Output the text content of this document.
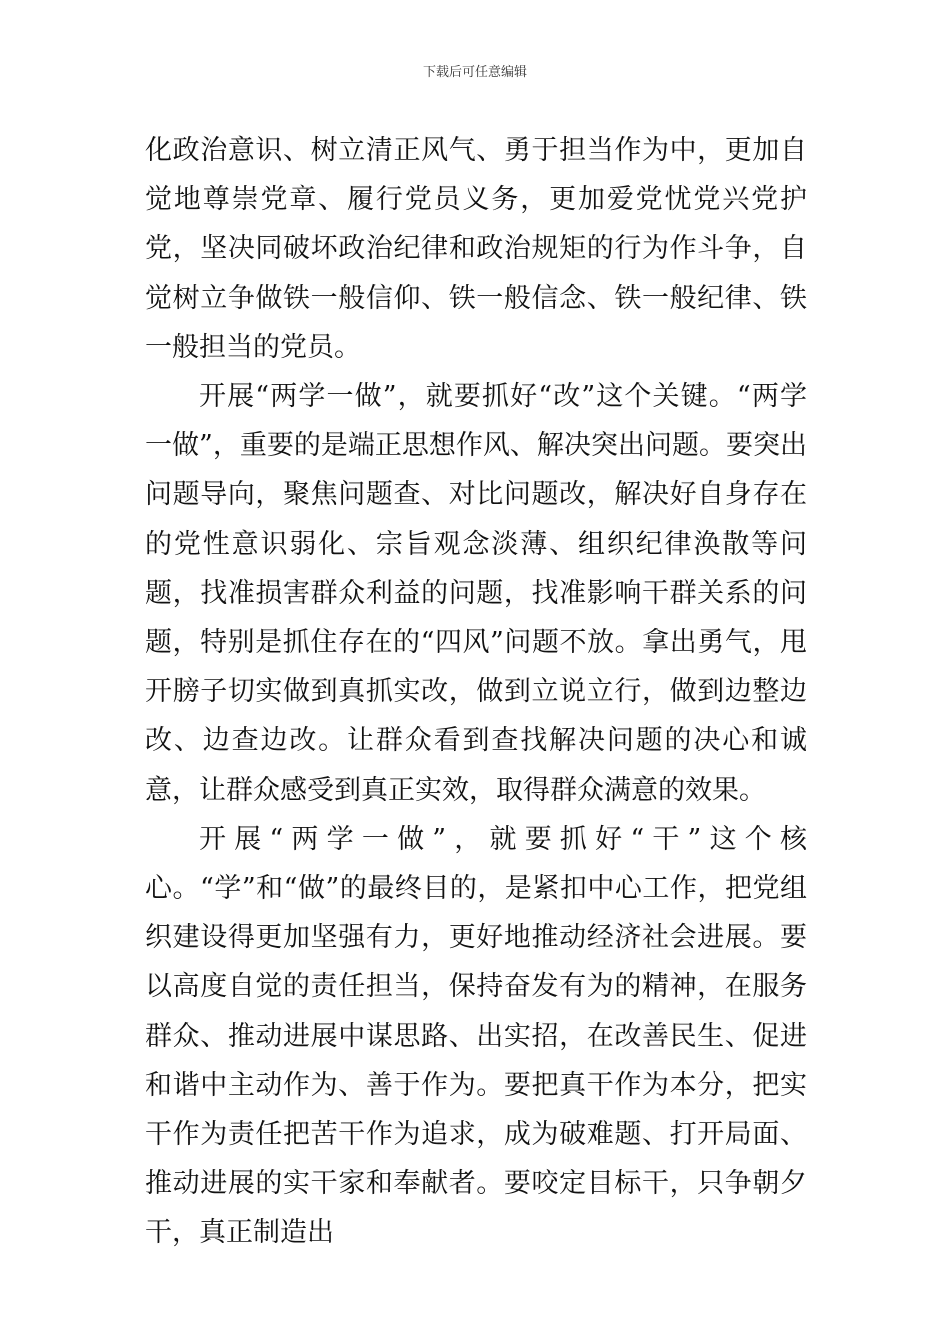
下载后可任意编辑

化政治意识、树立清正风气、勇于担当作为中，更加自觉地尊崇党章、履行党员义务，更加爱党忧党兴党护党，坚决同破坏政治纪律和政治规矩的行为作斗争，自觉树立争做铁一般信仰、铁一般信念、铁一般纪律、铁一般担当的党员。

开展“两学一做”，就要抓好“改”这个关键。“两学一做”，重要的是端正思想作风、解决突出问题。要突出问题导向，聚焦问题查、对比问题改，解决好自身存在的党性意识弱化、宗旨观念淡薄、组织纪律涣散等问题，找准损害群众利益的问题，找准影响干群关系的问题，特别是抓住存在的“四风”问题不放。拿出勇气，甩开膀子切实做到真抓实改，做到立说立行，做到边整边改、边查边改。让群众看到查找解决问题的决心和诚意，让群众感受到真正实效，取得群众满意的效果。

开展“两学一做”，就要抓好“干”这个核心。“学”和“做”的最终目的，是紧扣中心工作，把党组织建设得更加坚强有力，更好地推动经济社会进展。要以高度自觉的责任担当，保持奋发有为的精神，在服务群众、推动进展中谋思路、出实招，在改善民生、促进和谐中主动作为、善于作为。要把真干作为本分，把实干作为责任把苦干作为追求，成为破难题、打开局面、推动进展的实干家和奉献者。要咬定目标干，只争朝夕干，真正制造出
